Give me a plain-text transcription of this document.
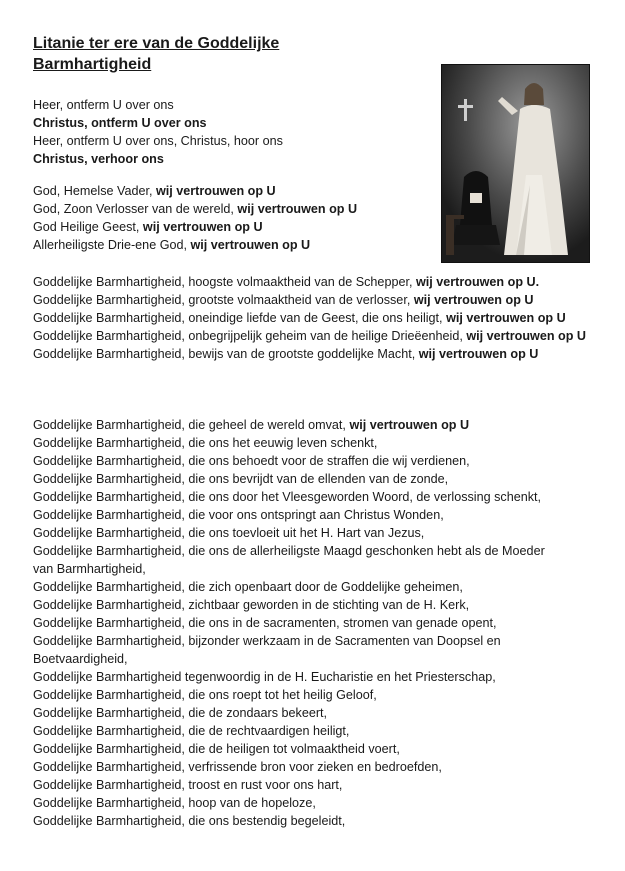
Litanie ter ere van de Goddelijke
Barmhartigheid
Heer, ontferm U over ons
Christus, ontferm U over ons
Heer, ontferm U over ons, Christus, hoor ons
Christus, verhoor ons
God, Hemelse Vader, wij vertrouwen op U
God, Zoon Verlosser van de wereld, wij vertrouwen op U
God Heilige Geest, wij vertrouwen op U
Allerheiligste Drie-ene God, wij vertrouwen op U
Goddelijke Barmhartigheid, hoogste volmaaktheid van de Schepper, wij vertrouwen op U.
Goddelijke Barmhartigheid, grootste volmaaktheid van de verlosser, wij vertrouwen op U
Goddelijke Barmhartigheid, oneindige liefde van de Geest, die ons heiligt, wij vertrouwen op U
Goddelijke Barmhartigheid, onbegrijpelijk geheim van de heilige Drieëenheid, wij vertrouwen op U
Goddelijke Barmhartigheid, bewijs van de grootste goddelijke Macht, wij vertrouwen op U
Goddelijke Barmhartigheid, die geheel de wereld omvat, wij vertrouwen op U
Goddelijke Barmhartigheid, die ons het eeuwig leven schenkt,
Goddelijke Barmhartigheid, die ons behoedt voor de straffen die wij verdienen,
Goddelijke Barmhartigheid, die ons bevrijdt van de ellenden van de zonde,
Goddelijke Barmhartigheid, die ons door het Vleesgeworden Woord, de verlossing schenkt,
Goddelijke Barmhartigheid, die voor ons ontspringt aan Christus Wonden,
Goddelijke Barmhartigheid, die ons toevloeit uit het H. Hart van Jezus,
Goddelijke Barmhartigheid, die ons de allerheiligste Maagd geschonken hebt als de Moeder
van Barmhartigheid,
Goddelijke Barmhartigheid, die zich openbaart door de Goddelijke geheimen,
Goddelijke Barmhartigheid, zichtbaar geworden in de stichting van de H. Kerk,
Goddelijke Barmhartigheid, die ons in de sacramenten, stromen van genade opent,
Goddelijke Barmhartigheid, bijzonder werkzaam in de Sacramenten van Doopsel en
Boetvaardigheid,
Goddelijke Barmhartigheid tegenwoordig in de H. Eucharistie en het Priesterschap,
Goddelijke Barmhartigheid, die ons roept tot het heilig Geloof,
Goddelijke Barmhartigheid, die de zondaars bekeert,
Goddelijke Barmhartigheid, die de rechtvaardigen heiligt,
Goddelijke Barmhartigheid, die de heiligen tot volmaaktheid voert,
Goddelijke Barmhartigheid, verfrissende bron voor zieken en bedroefden,
Goddelijke Barmhartigheid, troost en rust voor ons hart,
Goddelijke Barmhartigheid, hoop van de hopeloze,
Goddelijke Barmhartigheid, die ons bestendig begeleidt,
